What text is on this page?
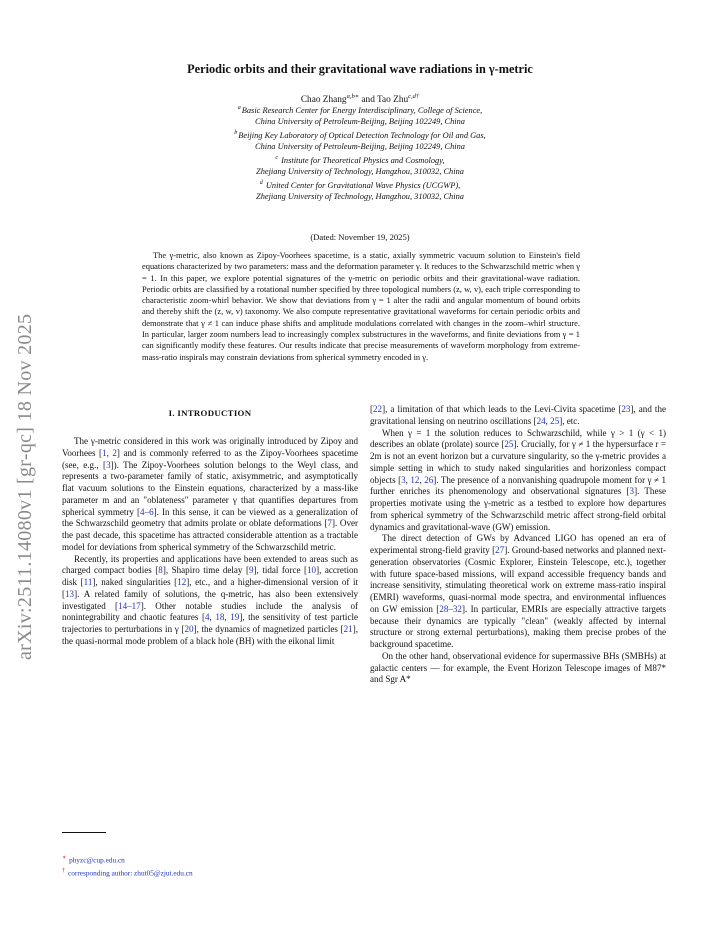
arXiv:2511.14080v1 [gr-qc] 18 Nov 2025
Periodic orbits and their gravitational wave radiations in γ-metric
Chao Zhang$^{a,b∗}$ and Tao Zhu$^{c,d\dagger}$
$^a$Basic Research Center for Energy Interdisciplinary, College of Science,
China University of Petroleum-Beijing, Beijing 102249, China
$^b$Beijing Key Laboratory of Optical Detection Technology for Oil and Gas,
China University of Petroleum-Beijing, Beijing 102249, China
$^c$ Institute for Theoretical Physics and Cosmology,
Zhejiang University of Technology, Hangzhou, 310032, China
$^d$ United Center for Gravitational Wave Physics (UCGWP),
Zhejiang University of Technology, Hangzhou, 310032, China
(Dated: November 19, 2025)

The γ-metric, also known as Zipoy-Voorhees spacetime, is a static, axially symmetric vacuum solution to Einstein's field equations characterized by two parameters: mass and the deformation parameter γ. It reduces to the Schwarzschild metric when γ = 1. In this paper, we explore potential signatures of the γ-metric on periodic orbits and their gravitational-wave radiation. Periodic orbits are classified by a rotational number specified by three topological numbers (z, w, v), each triple corresponding to characteristic zoom-whirl behavior. We show that deviations from γ = 1 alter the radii and angular momentum of bound orbits and thereby shift the (z, w, v) taxonomy. We also compute representative gravitational waveforms for certain periodic orbits and demonstrate that γ ≠ 1 can induce phase shifts and amplitude modulations correlated with changes in the zoom–whirl structure. In particular, larger zoom numbers lead to increasingly complex substructures in the waveforms, and finite deviations from γ = 1 can significantly modify these features. Our results indicate that precise measurements of waveform morphology from extreme-mass-ratio inspirals may constrain deviations from spherical symmetry encoded in γ.

I. INTRODUCTION

The γ-metric considered in this work was originally introduced by Zipoy and Voorhees [1, 2] and is commonly referred to as the Zipoy-Voorhees spacetime (see, e.g., [3]). The Zipoy-Voorhees solution belongs to the Weyl class, and represents a two-parameter family of static, axisymmetric, and asymptotically flat vacuum solutions to the Einstein equations, characterized by a mass-like parameter m and an "oblateness" parameter γ that quantifies departures from spherical symmetry [4–6]. In this sense, it can be viewed as a generalization of the Schwarzschild geometry that admits prolate or oblate deformations [7]. Over the past decade, this spacetime has attracted considerable attention as a tractable model for deviations from spherical symmetry of the Schwarzschild metric.

Recently, its properties and applications have been extended to areas such as charged compact bodies [8], Shapiro time delay [9], tidal force [10], accretion disk [11], naked singularities [12], etc., and a higher-dimensional version of it [13]. A related family of solutions, the q-metric, has also been extensively investigated [14–17]. Other notable studies include the analysis of nonintegrability and chaotic features [4, 18, 19], the sensitivity of test particle trajectories to perturbations in γ [20], the dynamics of magnetized particles [21], the quasi-normal mode problem of a black hole (BH) with the eikonal limit

[22], a limitation of that which leads to the Levi-Civita spacetime [23], and the gravitational lensing on neutrino oscillations [24, 25], etc.

When γ = 1 the solution reduces to Schwarzschild, while γ > 1 (γ < 1) describes an oblate (prolate) source [25]. Crucially, for γ ≠ 1 the hypersurface r = 2m is not an event horizon but a curvature singularity, so the γ-metric provides a simple setting in which to study naked singularities and horizonless compact objects [3, 12, 26]. The presence of a nonvanishing quadrupole moment for γ ≠ 1 further enriches its phenomenology and observational signatures [3]. These properties motivate using the γ-metric as a testbed to explore how departures from spherical symmetry of the Schwarzschild metric affect strong-field orbital dynamics and gravitational-wave (GW) emission.

The direct detection of GWs by Advanced LIGO has opened an era of experimental strong-field gravity [27]. Ground-based networks and planned next-generation observatories (Cosmic Explorer, Einstein Telescope, etc.), together with future space-based missions, will expand accessible frequency bands and increase sensitivity, stimulating theoretical work on extreme mass-ratio inspiral (EMRI) waveforms, quasi-normal mode spectra, and environmental influences on GW emission [28–32]. In particular, EMRIs are especially attractive targets because their dynamics are typically "clean" (weakly affected by internal structure or strong external perturbations), making them precise probes of the background spacetime.

On the other hand, observational evidence for supermassive BHs (SMBHs) at galactic centers — for example, the Event Horizon Telescope images of M87* and Sgr A*

∗ phyzc@cup.edu.cn
† corresponding author: zhut05@zjut.edu.cn
